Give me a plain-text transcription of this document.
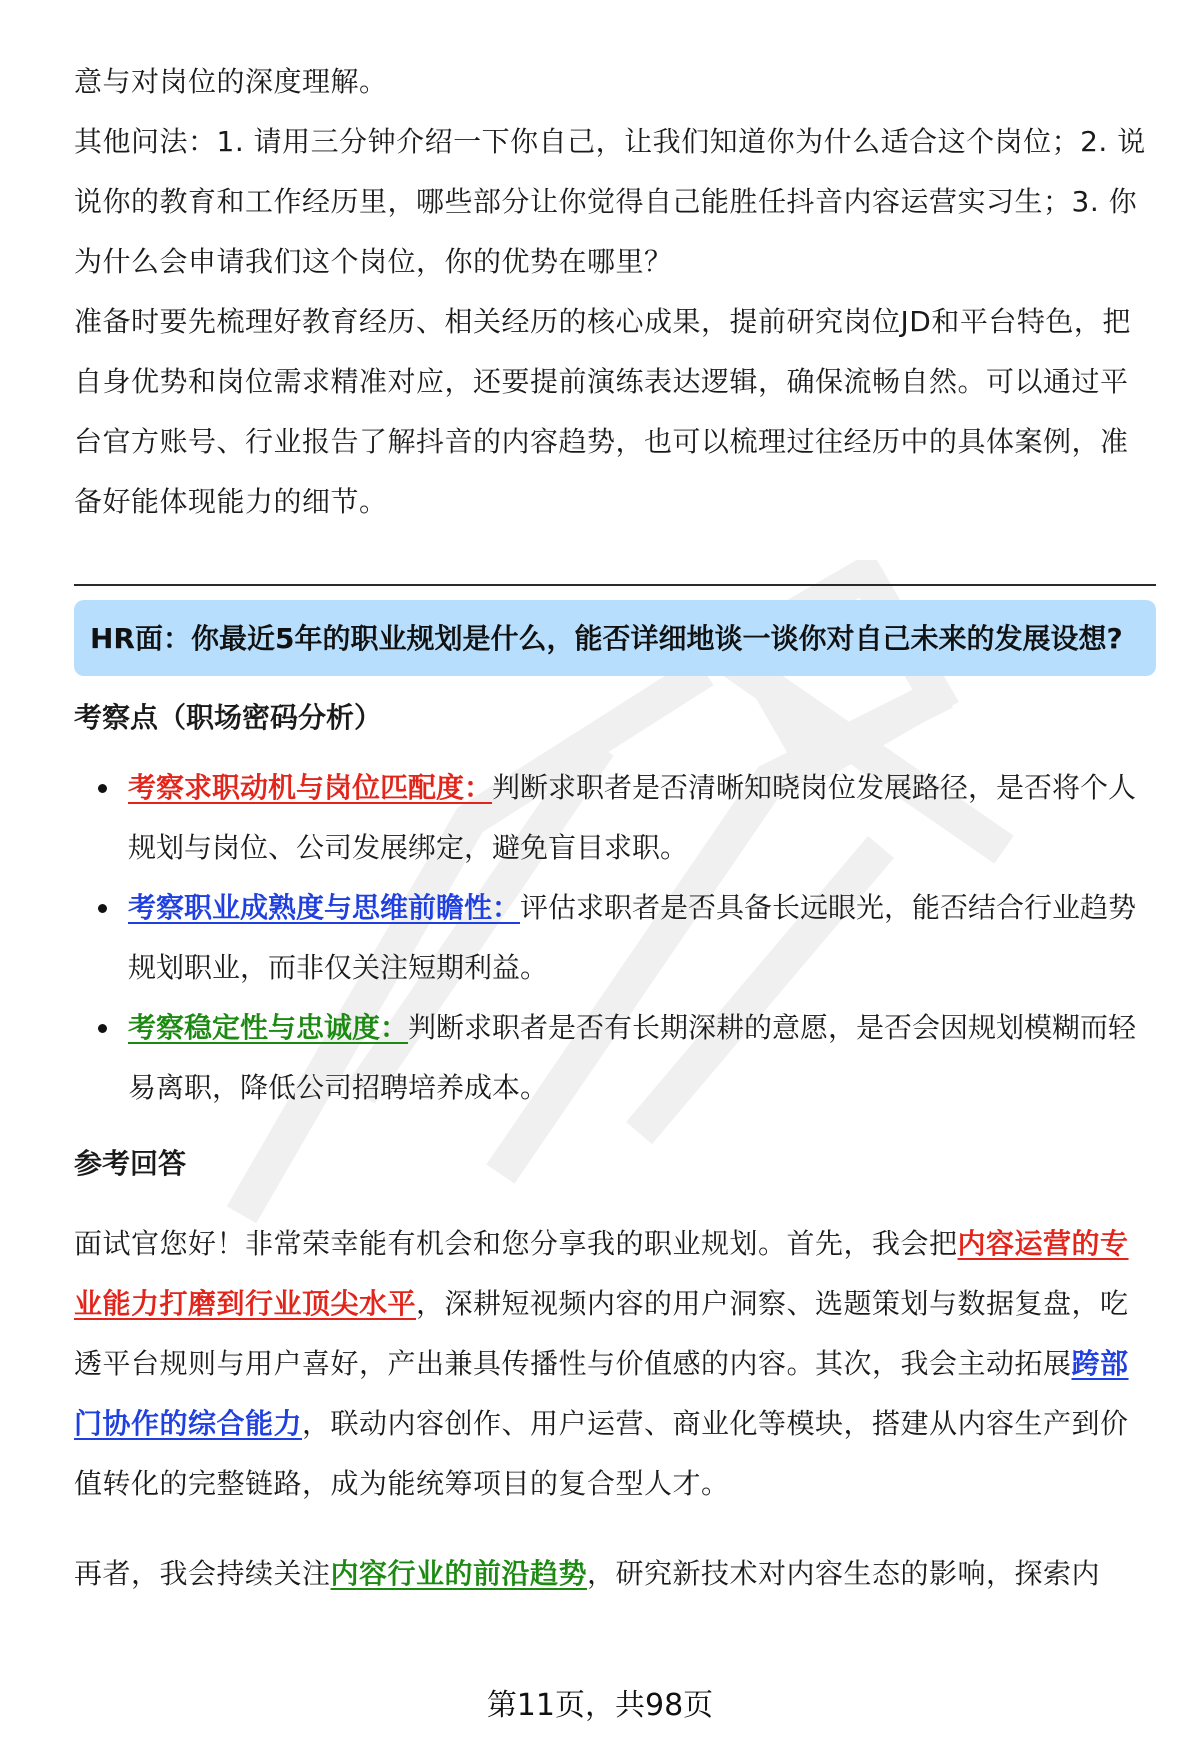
意与对岗位的深度理解。

其他问法：1. 请用三分钟介绍一下你自己，让我们知道你为什么适合这个岗位；2. 说说你的教育和工作经历里，哪些部分让你觉得自己能胜任抖音内容运营实习生；3. 你为什么会申请我们这个岗位，你的优势在哪里？

准备时要先梳理好教育经历、相关经历的核心成果，提前研究岗位JD和平台特色，把自身优势和岗位需求精准对应，还要提前演练表达逻辑，确保流畅自然。可以通过平台官方账号、行业报告了解抖音的内容趋势，也可以梳理过往经历中的具体案例，准备好能体现能力的细节。

HR面：你最近5年的职业规划是什么，能否详细地谈一谈你对自己未来的发展设想?
考察点（职场密码分析）
考察求职动机与岗位匹配度：判断求职者是否清晰知晓岗位发展路径，是否将个人规划与岗位、公司发展绑定，避免盲目求职。
考察职业成熟度与思维前瞻性：评估求职者是否具备长远眼光，能否结合行业趋势规划职业，而非仅关注短期利益。
考察稳定性与忠诚度：判断求职者是否有长期深耕的意愿，是否会因规划模糊而轻易离职，降低公司招聘培养成本。
参考回答

面试官您好！非常荣幸能有机会和您分享我的职业规划。首先，我会把内容运营的专业能力打磨到行业顶尖水平，深耕短视频内容的用户洞察、选题策划与数据复盘，吃透平台规则与用户喜好，产出兼具传播性与价值感的内容。其次，我会主动拓展跨部门协作的综合能力，联动内容创作、用户运营、商业化等模块，搭建从内容生产到价值转化的完整链路，成为能统筹项目的复合型人才。

再者，我会持续关注内容行业的前沿趋势，研究新技术对内容生态的影响，探索内

第11页，共98页
